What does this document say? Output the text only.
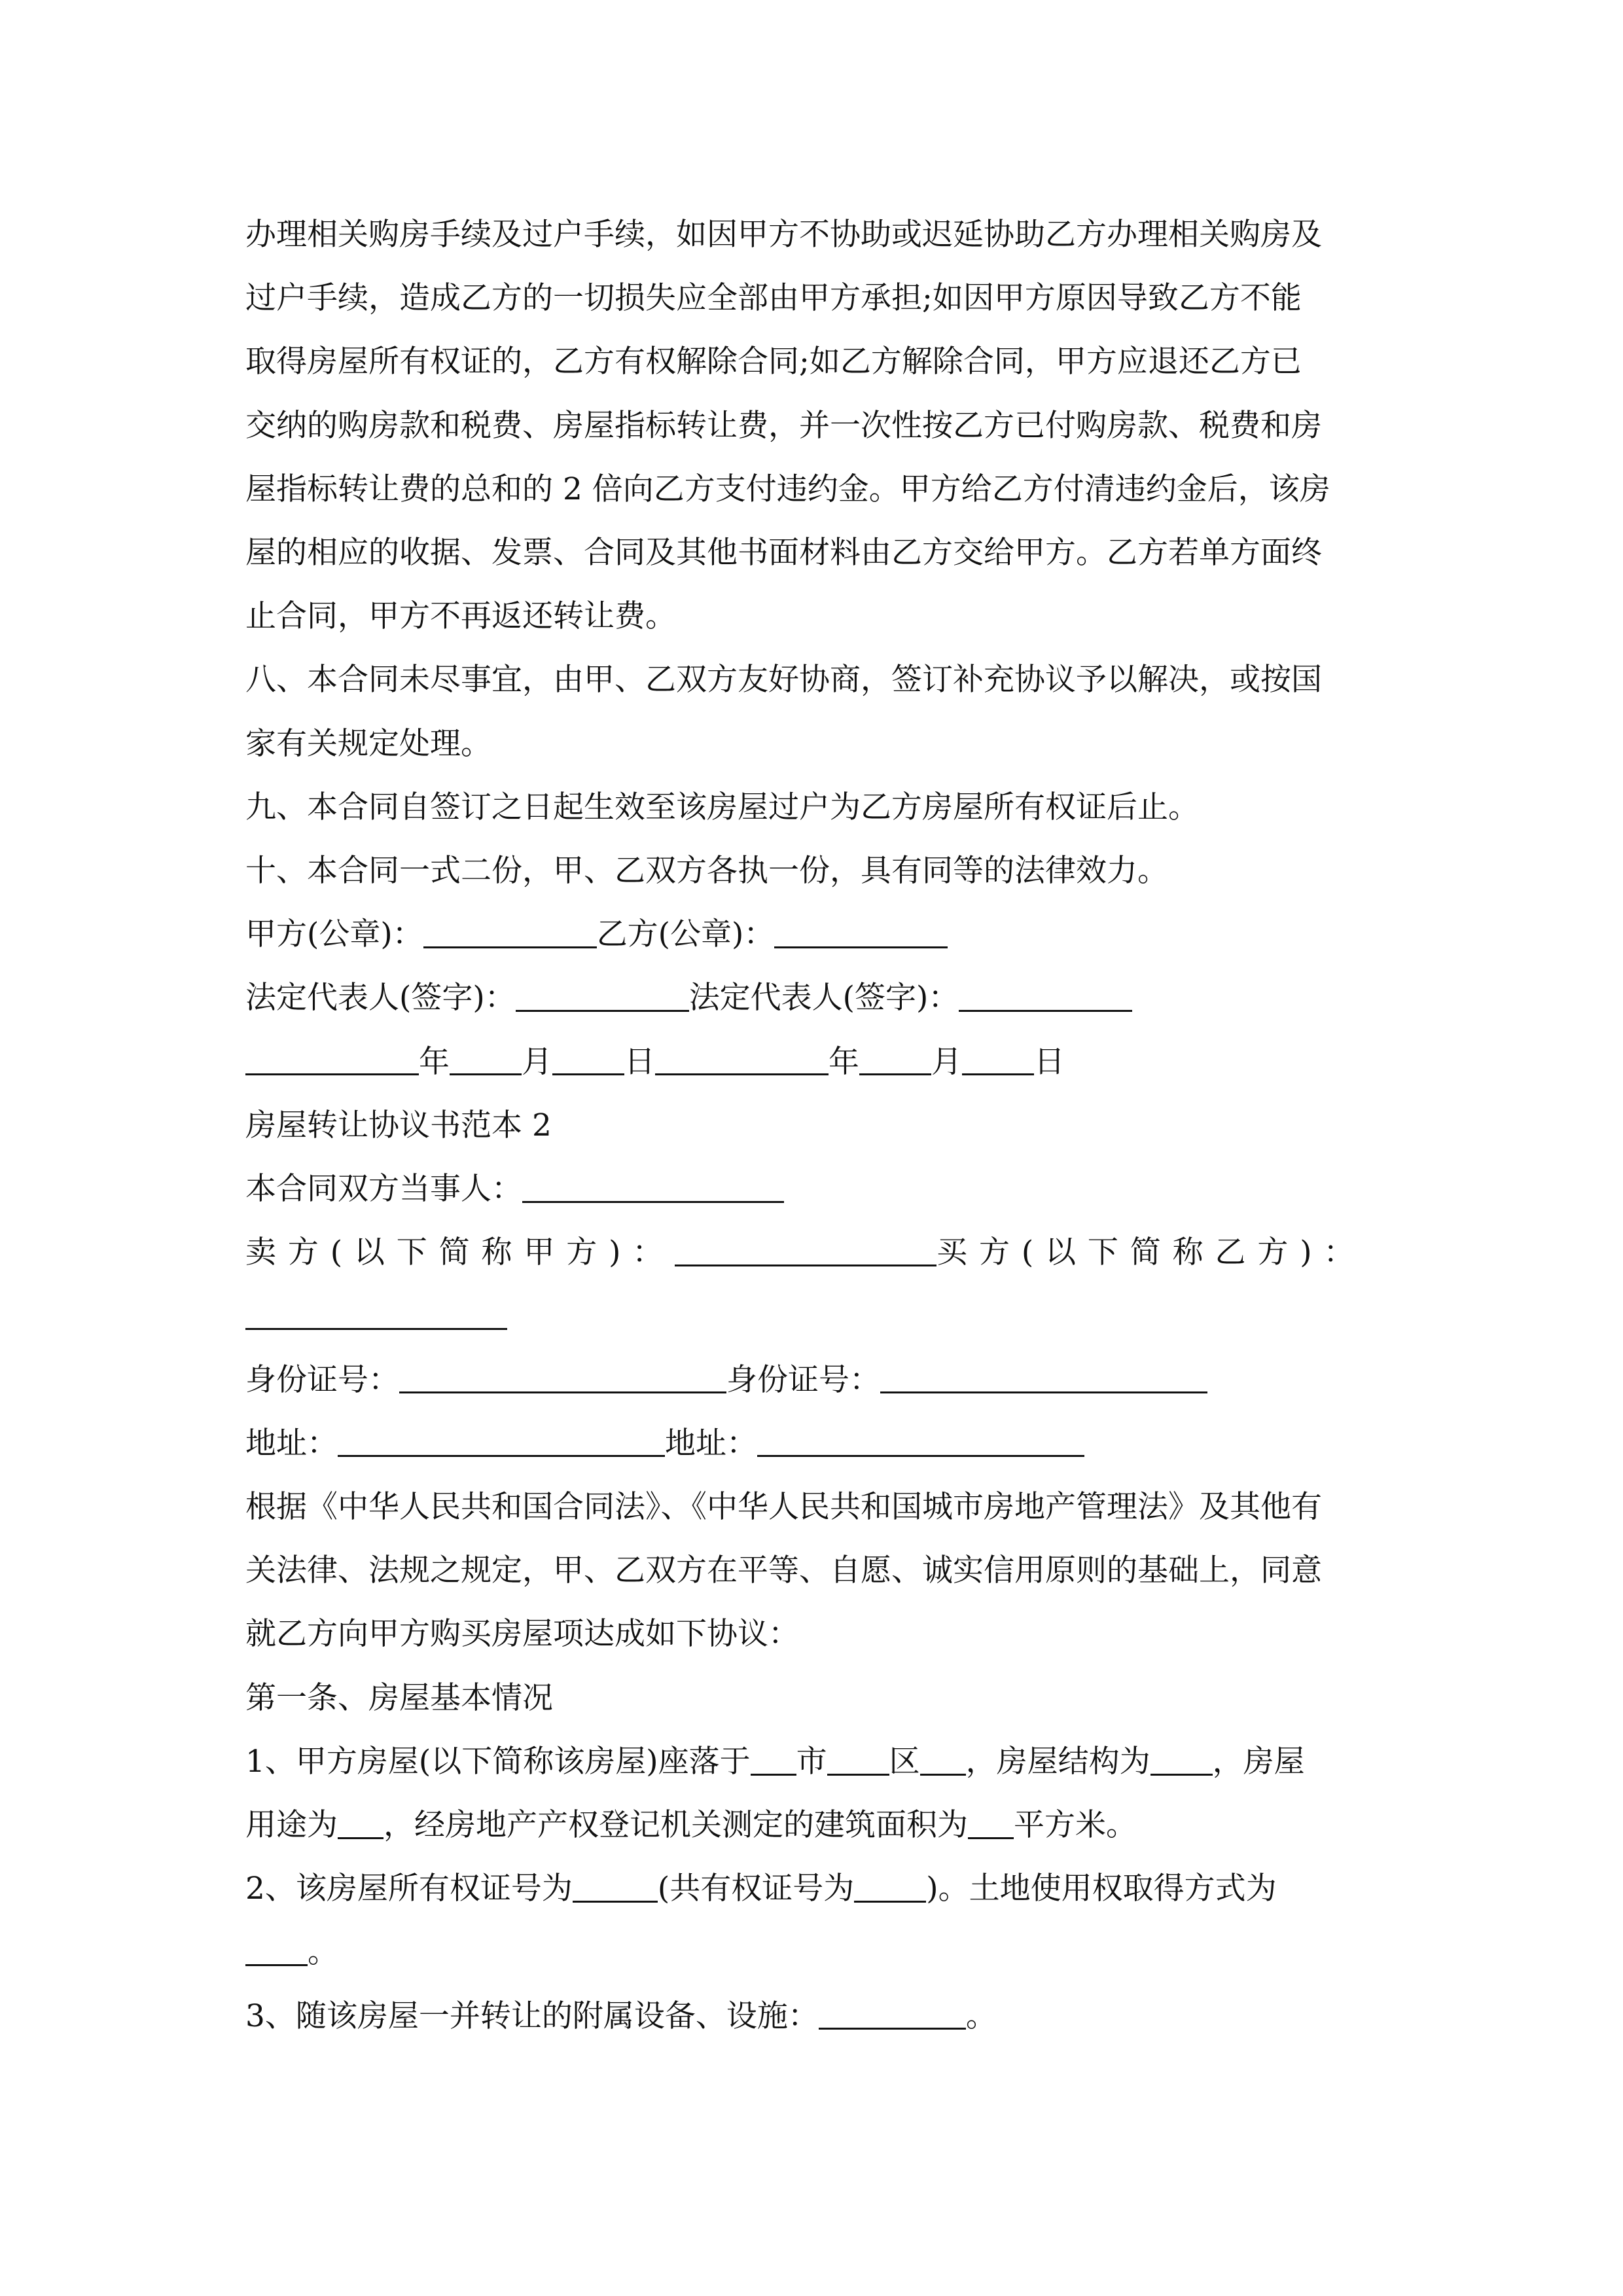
办理相关购房手续及过户手续，如因甲方不协助或迟延协助乙方办理相关购房及
过户手续，造成乙方的一切损失应全部由甲方承担;如因甲方原因导致乙方不能
取得房屋所有权证的，乙方有权解除合同;如乙方解除合同，甲方应退还乙方已
交纳的购房款和税费、房屋指标转让费，并一次性按乙方已付购房款、税费和房
屋指标转让费的总和的 2 倍向乙方支付违约金。甲方给乙方付清违约金后，该房
屋的相应的收据、发票、合同及其他书面材料由乙方交给甲方。乙方若单方面终
止合同，甲方不再返还转让费。

八、本合同未尽事宜，由甲、乙双方友好协商，签订补充协议予以解决，或按国
家有关规定处理。

九、本合同自签订之日起生效至该房屋过户为乙方房屋所有权证后止。

十、本合同一式二份，甲、乙双方各执一份，具有同等的法律效力。

甲方(公章)：	乙方(公章)：

法定代表人(签字)：	法定代表人(签字)：

年 月 日	年 月 日

房屋转让协议书范本 2

本合同双方当事人：

卖方(以下简称甲方)：	买方(以下简称乙方)：

身份证号：	身份证号：

地址：	地址：

根据《中华人民共和国合同法》、《中华人民共和国城市房地产管理法》及其他有
关法律、法规之规定，甲、乙双方在平等、自愿、诚实信用原则的基础上，同意
就乙方向甲方购买房屋项达成如下协议：

第一条、房屋基本情况

1、甲方房屋(以下简称该房屋)座落于 市 区 ，房屋结构为 ，房屋
用途为 ，经房地产产权登记机关测定的建筑面积为 平方米。

2、该房屋所有权证号为	(共有权证号为 )。土地使用权取得方式为
。

3、随该房屋一并转让的附属设备、设施：	。
